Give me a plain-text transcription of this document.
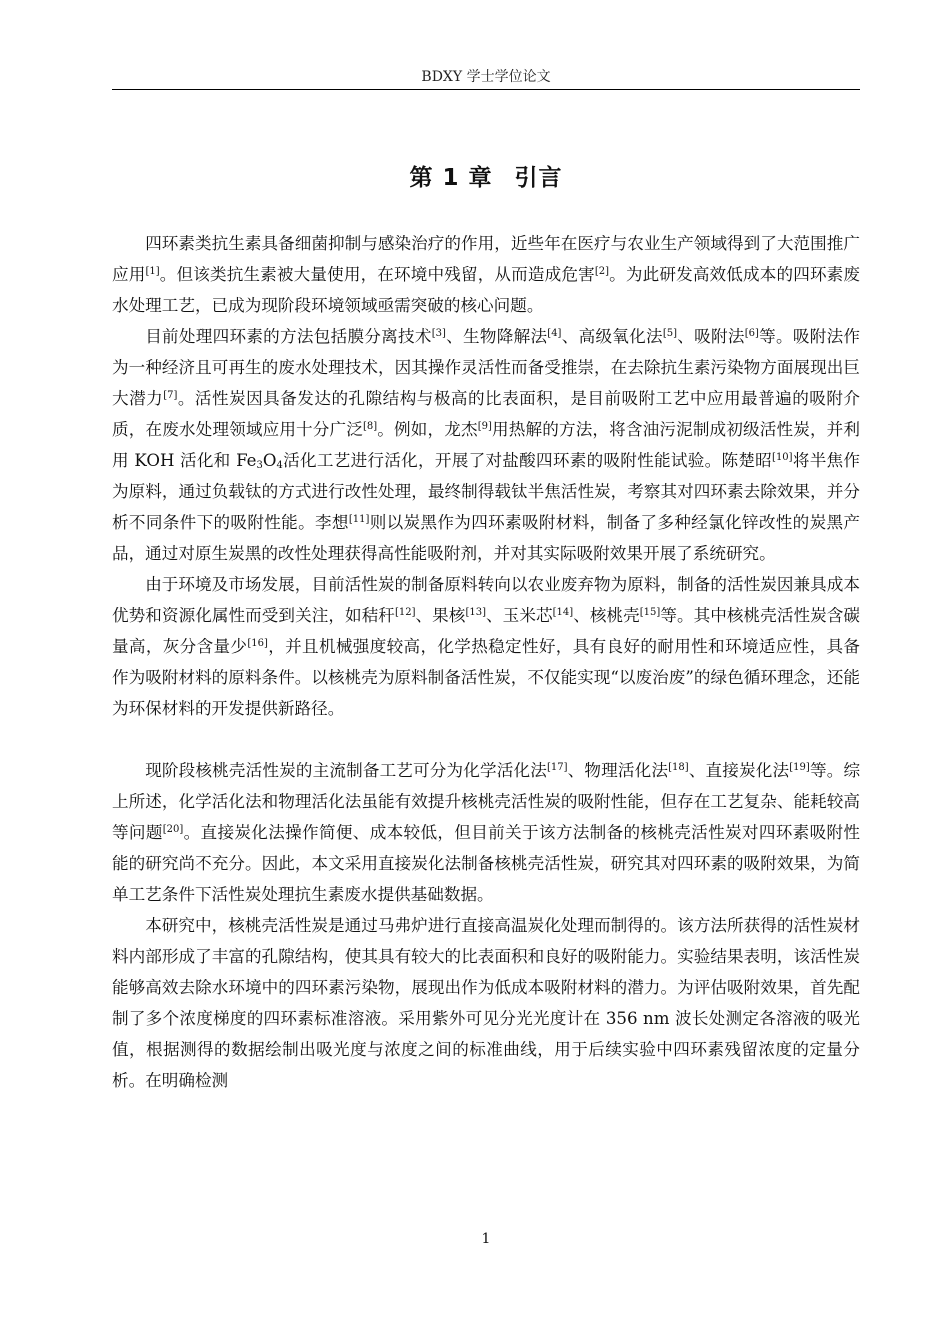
BDXY 学士学位论文
第 1 章 引言

四环素类抗生素具备细菌抑制与感染治疗的作用，近些年在医疗与农业生产领域得到了大范围推广应用[1]。但该类抗生素被大量使用，在环境中残留，从而造成危害[2]。为此研发高效低成本的四环素废水处理工艺，已成为现阶段环境领域亟需突破的核心问题。

目前处理四环素的方法包括膜分离技术[3]、生物降解法[4]、高级氧化法[5]、吸附法[6]等。吸附法作为一种经济且可再生的废水处理技术，因其操作灵活性而备受推崇，在去除抗生素污染物方面展现出巨大潜力[7]。活性炭因具备发达的孔隙结构与极高的比表面积，是目前吸附工艺中应用最普遍的吸附介质，在废水处理领域应用十分广泛[8]。例如，龙杰[9]用热解的方法，将含油污泥制成初级活性炭，并利用 KOH 活化和 $Fe_3O_4$活化工艺进行活化，开展了对盐酸四环素的吸附性能试验。陈楚昭[10]将半焦作为原料，通过负载钛的方式进行改性处理，最终制得载钛半焦活性炭，考察其对四环素去除效果，并分析不同条件下的吸附性能。李想[11]则以炭黑作为四环素吸附材料，制备了多种经氯化锌改性的炭黑产品，通过对原生炭黑的改性处理获得高性能吸附剂，并对其实际吸附效果开展了系统研究。

由于环境及市场发展，目前活性炭的制备原料转向以农业废弃物为原料，制备的活性炭因兼具成本优势和资源化属性而受到关注，如秸秆[12]、果核[13]、玉米芯[14]、核桃壳[15]等。其中核桃壳活性炭含碳量高，灰分含量少[16]，并且机械强度较高，化学热稳定性好，具有良好的耐用性和环境适应性，具备作为吸附材料的原料条件。以核桃壳为原料制备活性炭，不仅能实现“以废治废”的绿色循环理念，还能为环保材料的开发提供新路径。

现阶段核桃壳活性炭的主流制备工艺可分为化学活化法[17]、物理活化法[18]、直接炭化法[19]等。综上所述，化学活化法和物理活化法虽能有效提升核桃壳活性炭的吸附性能，但存在工艺复杂、能耗较高等问题[20]。直接炭化法操作简便、成本较低，但目前关于该方法制备的核桃壳活性炭对四环素吸附性能的研究尚不充分。因此，本文采用直接炭化法制备核桃壳活性炭，研究其对四环素的吸附效果，为简单工艺条件下活性炭处理抗生素废水提供基础数据。

本研究中，核桃壳活性炭是通过马弗炉进行直接高温炭化处理而制得的。该方法所获得的活性炭材料内部形成了丰富的孔隙结构，使其具有较大的比表面积和良好的吸附能力。实验结果表明，该活性炭能够高效去除水环境中的四环素污染物，展现出作为低成本吸附材料的潜力。为评估吸附效果，首先配制了多个浓度梯度的四环素标准溶液。采用紫外可见分光光度计在 356 nm 波长处测定各溶液的吸光值，根据测得的数据绘制出吸光度与浓度之间的标准曲线，用于后续实验中四环素残留浓度的定量分析。在明确检测

1
